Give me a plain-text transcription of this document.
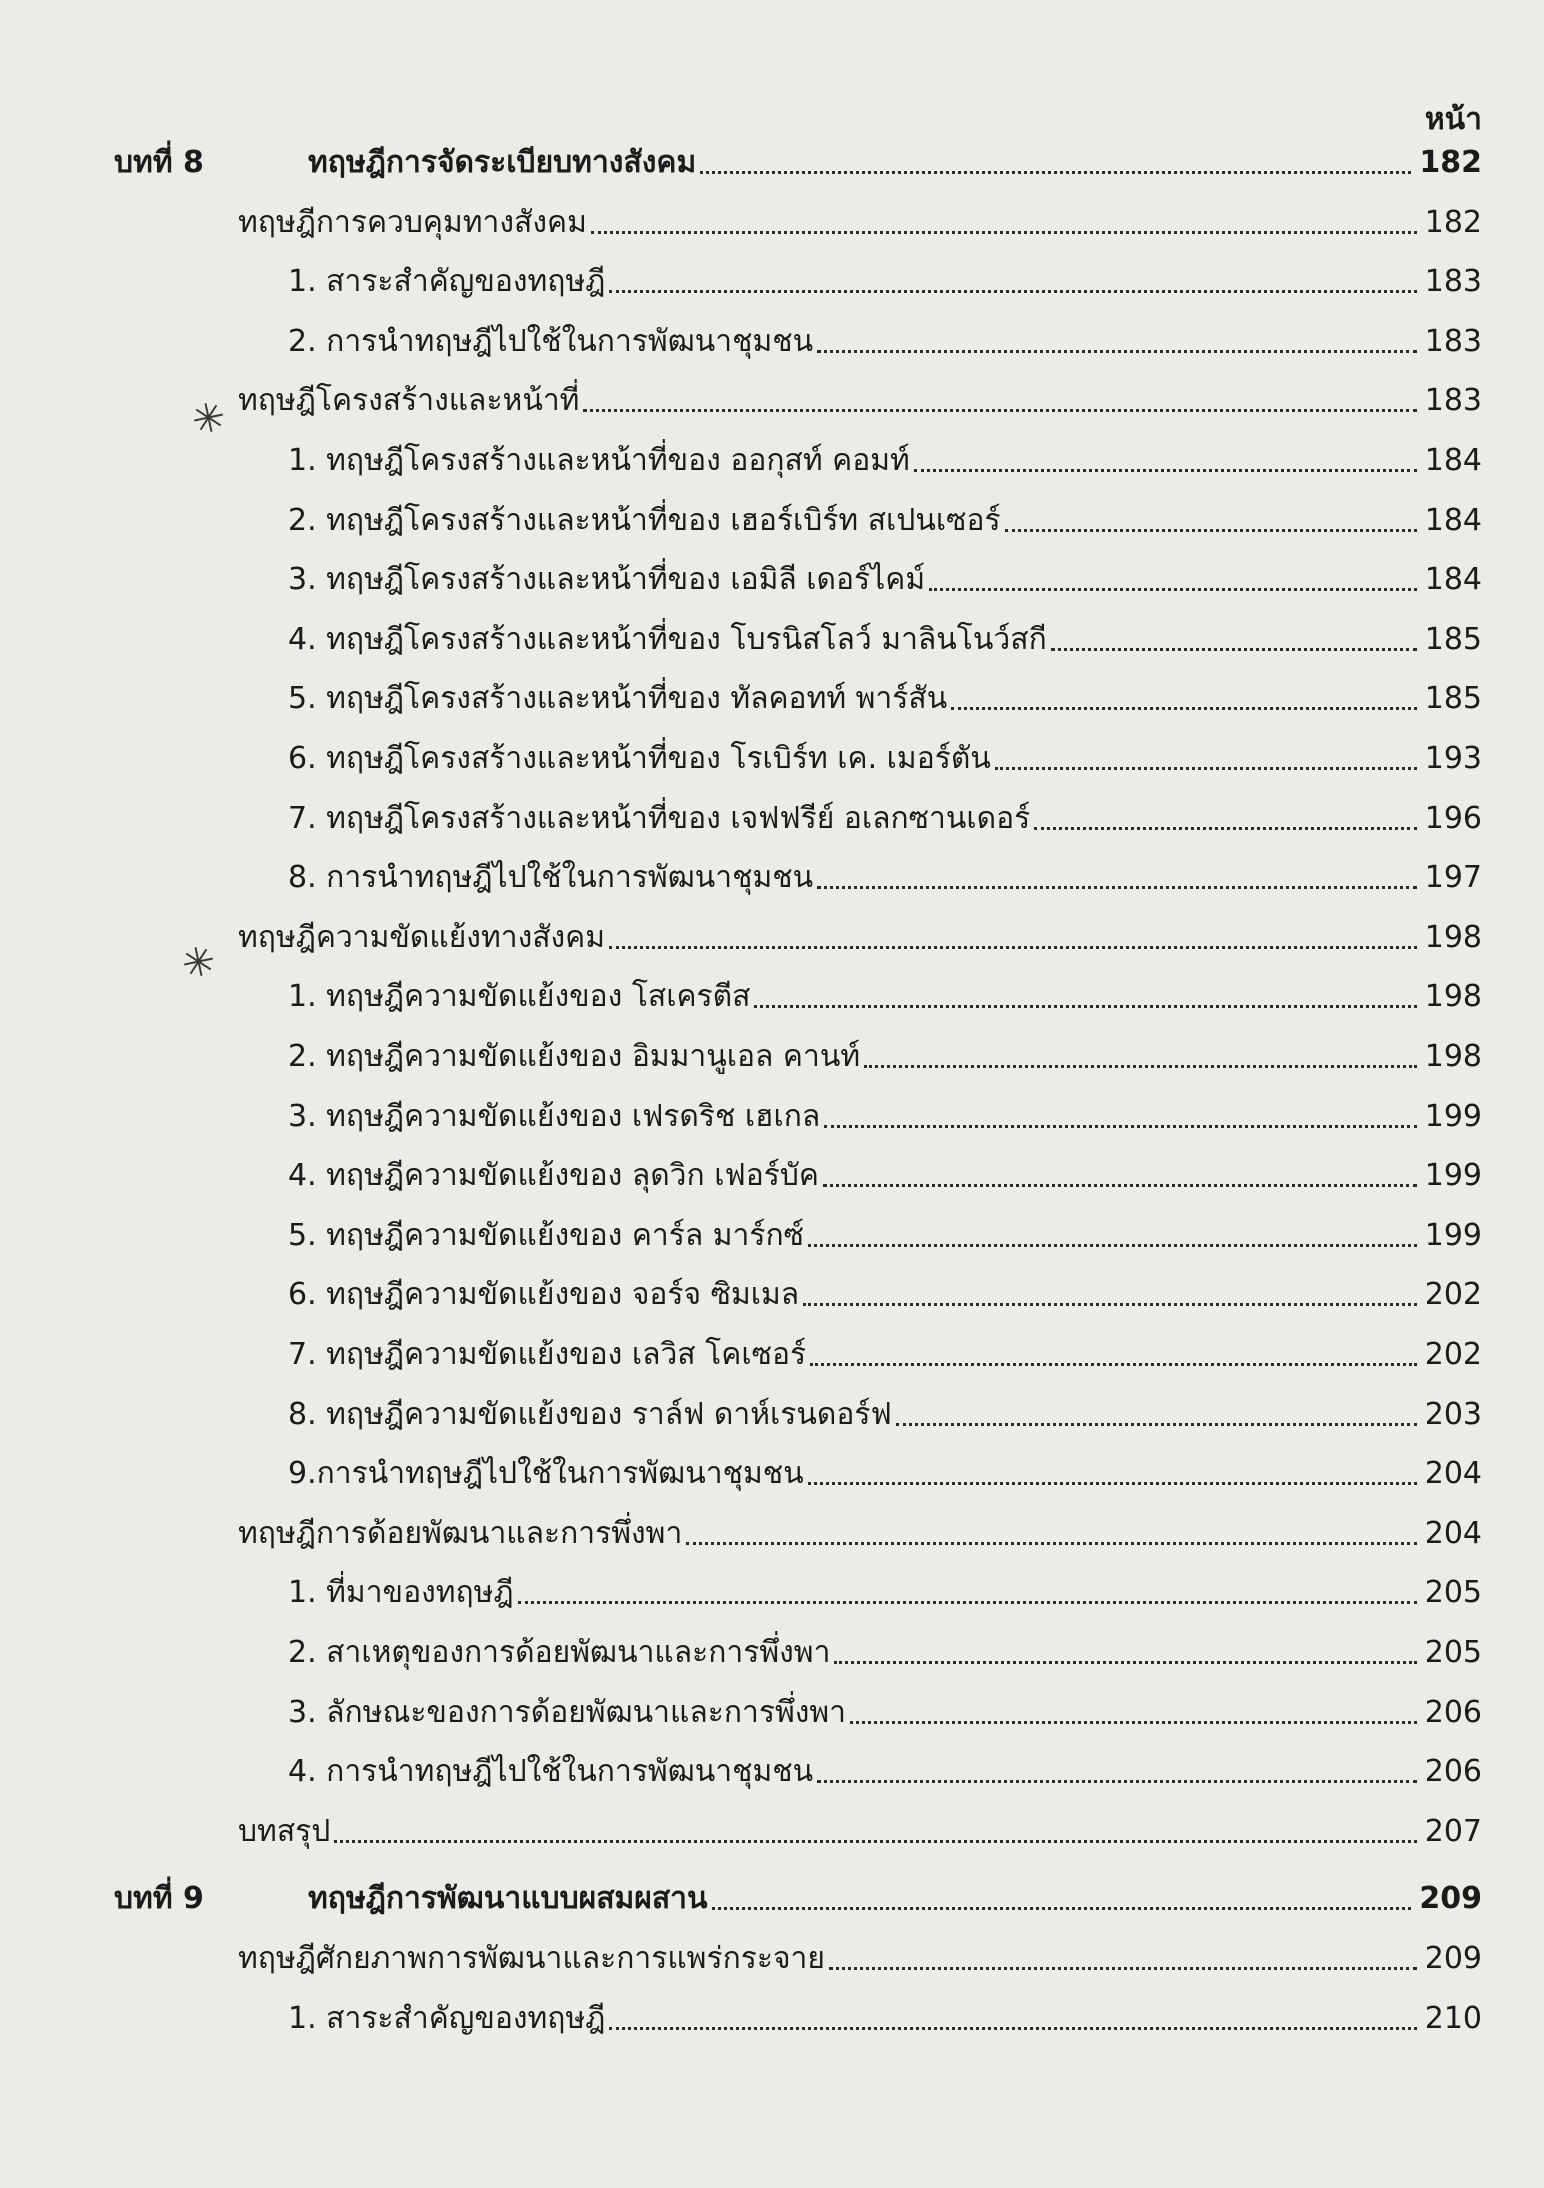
หน้า
บทที่ 8	ทฤษฎีการจัดระเบียบทางสังคม	182
ทฤษฎีการควบคุมทางสังคม	182
1. สาระสำคัญของทฤษฎี	183
2. การนำทฤษฎีไปใช้ในการพัฒนาชุมชน	183
ทฤษฎีโครงสร้างและหน้าที่	183
1. ทฤษฎีโครงสร้างและหน้าที่ของ ออกุสท์ คอมท์	184
2. ทฤษฎีโครงสร้างและหน้าที่ของ เฮอร์เบิร์ท สเปนเซอร์	184
3. ทฤษฎีโครงสร้างและหน้าที่ของ เอมิลี เดอร์ไคม์	184
4. ทฤษฎีโครงสร้างและหน้าที่ของ โบรนิสโลว์ มาลินโนว์สกี	185
5. ทฤษฎีโครงสร้างและหน้าที่ของ ทัลคอทท์ พาร์สัน	185
6. ทฤษฎีโครงสร้างและหน้าที่ของ โรเบิร์ท เค. เมอร์ตัน	193
7. ทฤษฎีโครงสร้างและหน้าที่ของ เจฟฟรีย์ อเลกซานเดอร์	196
8. การนำทฤษฎีไปใช้ในการพัฒนาชุมชน	197
ทฤษฎีความขัดแย้งทางสังคม	198
1. ทฤษฎีความขัดแย้งของ โสเครตีส	198
2. ทฤษฎีความขัดแย้งของ อิมมานูเอล คานท์	198
3. ทฤษฎีความขัดแย้งของ เฟรดริช เฮเกล	199
4. ทฤษฎีความขัดแย้งของ ลุดวิก เฟอร์บัค	199
5. ทฤษฎีความขัดแย้งของ คาร์ล มาร์กซ์	199
6. ทฤษฎีความขัดแย้งของ จอร์จ ซิมเมล	202
7. ทฤษฎีความขัดแย้งของ เลวิส โคเซอร์	202
8. ทฤษฎีความขัดแย้งของ ราล์ฟ ดาห์เรนดอร์ฟ	203
9.การนำทฤษฎีไปใช้ในการพัฒนาชุมชน	204
ทฤษฎีการด้อยพัฒนาและการพึ่งพา	204
1. ที่มาของทฤษฎี	205
2. สาเหตุของการด้อยพัฒนาและการพึ่งพา	205
3. ลักษณะของการด้อยพัฒนาและการพึ่งพา	206
4. การนำทฤษฎีไปใช้ในการพัฒนาชุมชน	206
บทสรุป	207
บทที่ 9	ทฤษฎีการพัฒนาแบบผสมผสาน	209
ทฤษฎีศักยภาพการพัฒนาและการแพร่กระจาย	209
1. สาระสำคัญของทฤษฎี	210
✳
✳
